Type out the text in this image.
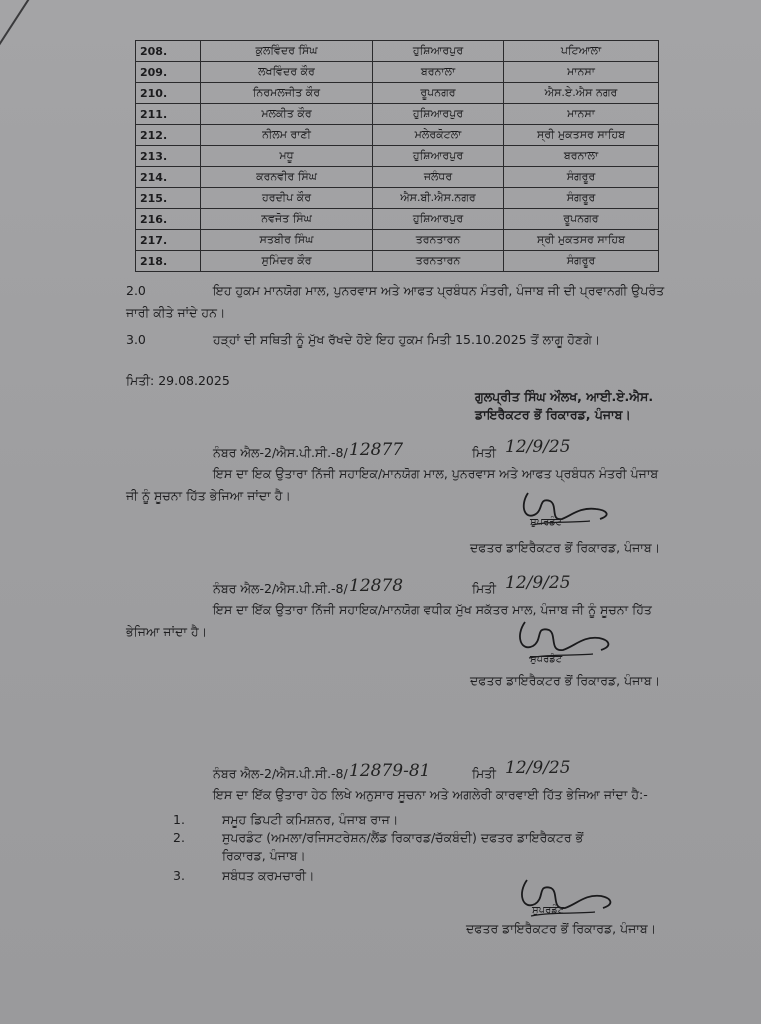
208.	ਕੁਲਵਿੰਦਰ ਸਿੰਘ	ਹੁਸ਼ਿਆਰਪੁਰ	ਪਟਿਆਲਾ
209.	ਲਖਵਿੰਦਰ ਕੌਰ	ਬਰਨਾਲਾ	ਮਾਨਸਾ
210.	ਨਿਰਮਲਜੀਤ ਕੌਰ	ਰੂਪਨਗਰ	ਐਸ.ਏ.ਐਸ ਨਗਰ
211.	ਮਲਕੀਤ ਕੌਰ	ਹੁਸ਼ਿਆਰਪੁਰ	ਮਾਨਸਾ
212.	ਨੀਲਮ ਰਾਣੀ	ਮਲੇਰਕੋਟਲਾ	ਸ੍ਰੀ ਮੁਕਤਸਰ ਸਾਹਿਬ
213.	ਮਧੂ	ਹੁਸ਼ਿਆਰਪੁਰ	ਬਰਨਾਲਾ
214.	ਕਰਨਵੀਰ ਸਿੰਘ	ਜਲੰਧਰ	ਸੰਗਰੂਰ
215.	ਹਰਦੀਪ ਕੌਰ	ਐਸ.ਬੀ.ਐਸ.ਨਗਰ	ਸੰਗਰੂਰ
216.	ਨਵਜੋਤ ਸਿੰਘ	ਹੁਸ਼ਿਆਰਪੁਰ	ਰੂਪਨਗਰ
217.	ਸਤਬੀਰ ਸਿੰਘ	ਤਰਨਤਾਰਨ	ਸ੍ਰੀ ਮੁਕਤਸਰ ਸਾਹਿਬ
218.	ਸੁਮਿੰਦਰ ਕੌਰ	ਤਰਨਤਾਰਨ	ਸੰਗਰੂਰ
2.0	ਇਹ ਹੁਕਮ ਮਾਨਯੋਗ ਮਾਲ, ਪੁਨਰਵਾਸ ਅਤੇ ਆਫਤ ਪ੍ਰਬੰਧਨ ਮੰਤਰੀ, ਪੰਜਾਬ ਜੀ ਦੀ ਪ੍ਰਵਾਨਗੀ ਉਪਰੰਤ
ਜਾਰੀ ਕੀਤੇ ਜਾਂਦੇ ਹਨ।
3.0	ਹੜ੍ਹਾਂ ਦੀ ਸਥਿਤੀ ਨੂੰ ਮੁੱਖ ਰੱਖਦੇ ਹੋਏ ਇਹ ਹੁਕਮ ਮਿਤੀ 15.10.2025 ਤੋਂ ਲਾਗੂ ਹੋਣਗੇ।
ਮਿਤੀ: 29.08.2025
ਗੁਲਪ੍ਰੀਤ ਸਿੰਘ ਔਲਖ, ਆਈ.ਏ.ਐਸ.
ਡਾਇਰੈਕਟਰ ਭੋਂ ਰਿਕਾਰਡ, ਪੰਜਾਬ।
ਨੰਬਰ ਐਲ-2/ਐਸ.ਪੀ.ਸੀ.-8/ 12877	ਮਿਤੀ 12/9/25
ਇਸ ਦਾ ਇਕ ਉਤਾਰਾ ਨਿੱਜੀ ਸਹਾਇਕ/ਮਾਨਯੋਗ ਮਾਲ, ਪੁਨਰਵਾਸ ਅਤੇ ਆਫਤ ਪ੍ਰਬੰਧਨ ਮੰਤਰੀ ਪੰਜਾਬ
ਜੀ ਨੂੰ ਸੂਚਨਾ ਹਿੱਤ ਭੇਜਿਆ ਜਾਂਦਾ ਹੈ।
ਸੁਪਰਡੰਟ
ਦਫਤਰ ਡਾਇਰੈਕਟਰ ਭੋਂ ਰਿਕਾਰਡ, ਪੰਜਾਬ।
ਨੰਬਰ ਐਲ-2/ਐਸ.ਪੀ.ਸੀ.-8/ 12878	ਮਿਤੀ 12/9/25
ਇਸ ਦਾ ਇੱਕ ਉਤਾਰਾ ਨਿੱਜੀ ਸਹਾਇਕ/ਮਾਨਯੋਗ ਵਧੀਕ ਮੁੱਖ ਸਕੱਤਰ ਮਾਲ, ਪੰਜਾਬ ਜੀ ਨੂੰ ਸੂਚਨਾ ਹਿੱਤ
ਭੇਜਿਆ ਜਾਂਦਾ ਹੈ।
ਸੁਪਰਡੰਟ
ਦਫਤਰ ਡਾਇਰੈਕਟਰ ਭੋਂ ਰਿਕਾਰਡ, ਪੰਜਾਬ।
ਨੰਬਰ ਐਲ-2/ਐਸ.ਪੀ.ਸੀ.-8/ 12879-81	ਮਿਤੀ 12/9/25
ਇਸ ਦਾ ਇੱਕ ਉਤਾਰਾ ਹੇਠ ਲਿਖੇ ਅਨੁਸਾਰ ਸੂਚਨਾ ਅਤੇ ਅਗਲੇਰੀ ਕਾਰਵਾਈ ਹਿੱਤ ਭੇਜਿਆ ਜਾਂਦਾ ਹੈ:-
1.	ਸਮੂਹ ਡਿਪਟੀ ਕਮਿਸ਼ਨਰ, ਪੰਜਾਬ ਰਾਜ।
2.	ਸੁਪਰਡੰਟ (ਅਮਲਾ/ਰਜਿਸਟਰੇਸ਼ਨ/ਲੈਂਡ ਰਿਕਾਰਡ/ਚੱਕਬੰਦੀ) ਦਫਤਰ ਡਾਇਰੈਕਟਰ ਭੋਂ
ਰਿਕਾਰਡ, ਪੰਜਾਬ।
3.	ਸਬੰਧਤ ਕਰਮਚਾਰੀ।
ਸੁਪਰਡੰਟ
ਦਫਤਰ ਡਾਇਰੈਕਟਰ ਭੋਂ ਰਿਕਾਰਡ, ਪੰਜਾਬ।
